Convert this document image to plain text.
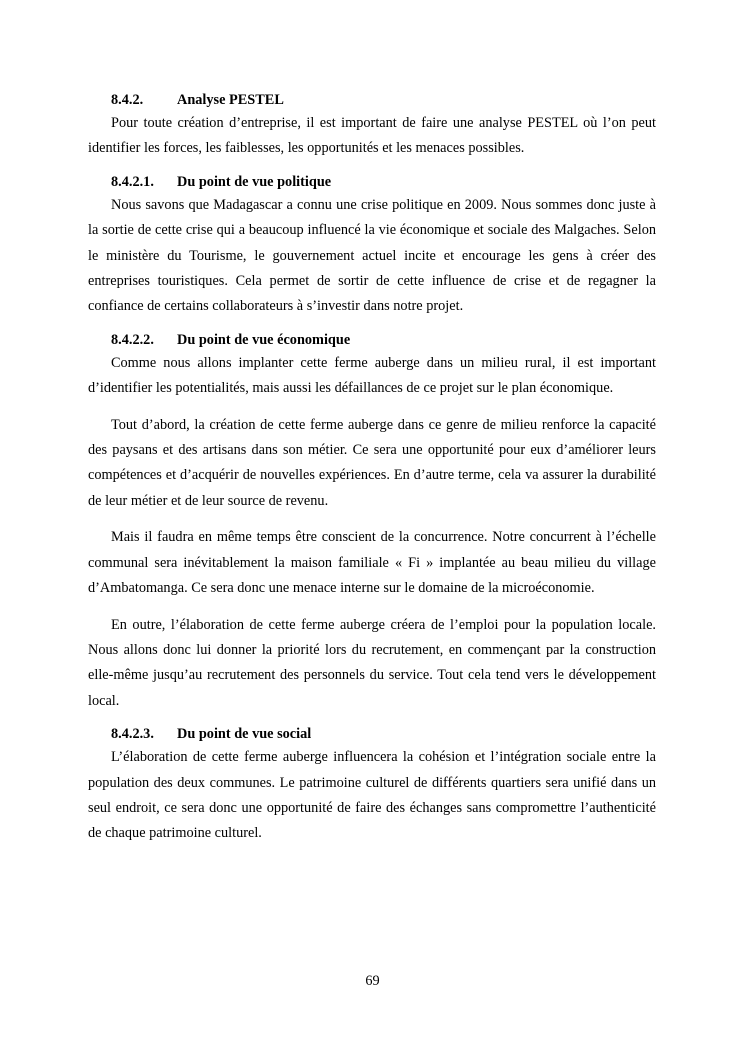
8.4.2. Analyse PESTEL

Pour toute création d’entreprise, il est important de faire une analyse PESTEL où l’on peut identifier les forces, les faiblesses, les opportunités et les menaces possibles.

8.4.2.1. Du point de vue politique

Nous savons que Madagascar a connu une crise politique en 2009. Nous sommes donc juste à la sortie de cette crise qui a beaucoup influencé la vie économique et sociale des Malgaches. Selon le ministère du Tourisme, le gouvernement actuel incite et encourage les gens à créer des entreprises touristiques. Cela permet de sortir de cette influence de crise et de regagner la confiance de certains collaborateurs à s’investir dans notre projet.

8.4.2.2. Du point de vue économique

Comme nous allons implanter cette ferme auberge dans un milieu rural, il est important d’identifier les potentialités, mais aussi les défaillances de ce projet sur le plan économique.

Tout d’abord, la création de cette ferme auberge dans ce genre de milieu renforce la capacité des paysans et des artisans dans son métier. Ce sera une opportunité pour eux d’améliorer leurs compétences et d’acquérir de nouvelles expériences. En d’autre terme, cela va assurer la durabilité de leur métier et de leur source de revenu.

Mais il faudra en même temps être conscient de la concurrence. Notre concurrent à l’échelle communal sera inévitablement la maison familiale « Fi » implantée au beau milieu du village d’Ambatomanga. Ce sera donc une menace interne sur le domaine de la microéconomie.

En outre, l’élaboration de cette ferme auberge créera de l’emploi pour la population locale. Nous allons donc lui donner la priorité lors du recrutement, en commençant par la construction elle-même jusqu’au recrutement des personnels du service. Tout cela tend vers le développement local.

8.4.2.3. Du point de vue social

L’élaboration de cette ferme auberge influencera la cohésion et l’intégration sociale entre la population des deux communes. Le patrimoine culturel de différents quartiers sera unifié dans un seul endroit, ce sera donc une opportunité de faire des échanges sans compromettre l’authenticité de chaque patrimoine culturel.

69
